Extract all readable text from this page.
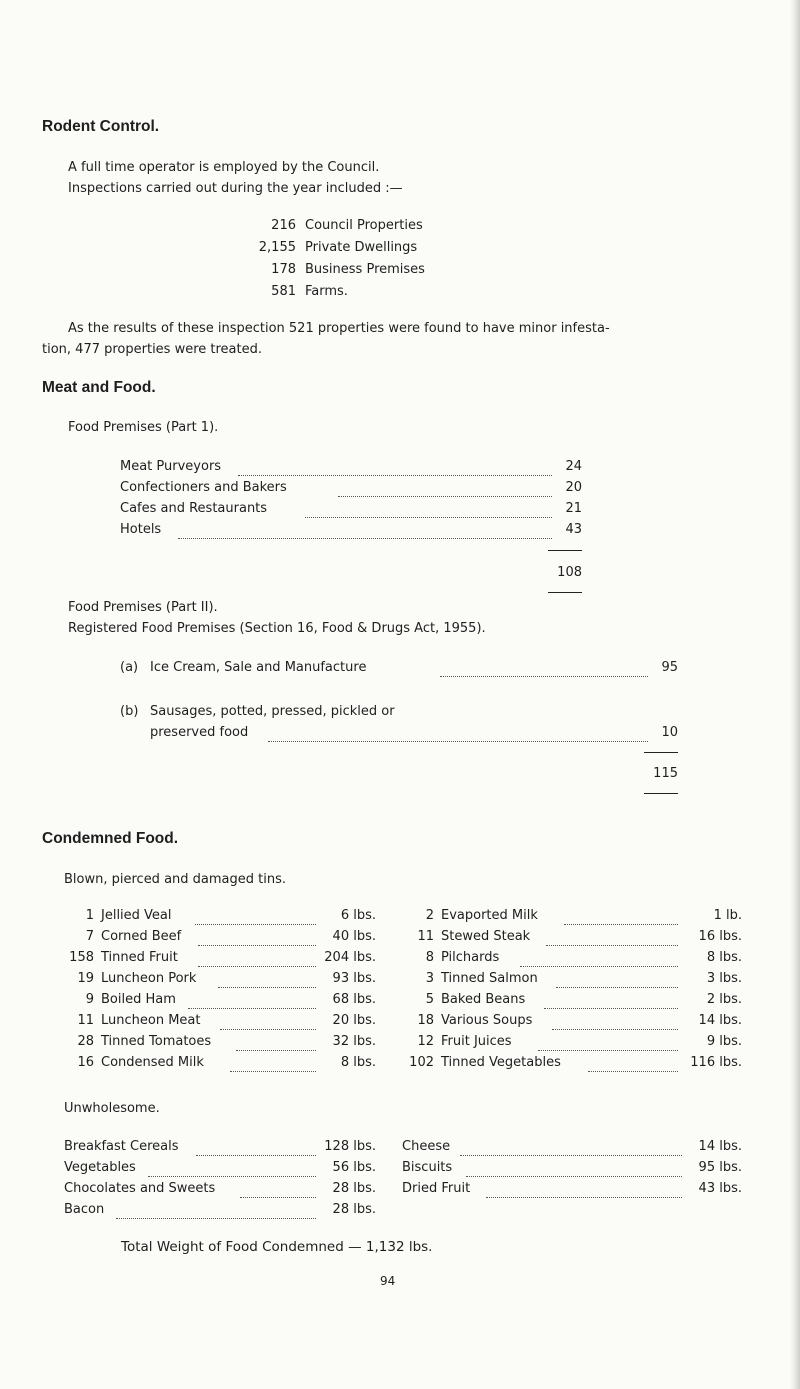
Rodent Control.
A full time operator is employed by the Council.
Inspections carried out during the year included :—
216 Council Properties
2,155 Private Dwellings
178 Business Premises
581 Farms.
As the results of these inspection 521 properties were found to have minor infesta-
tion, 477 properties were treated.
Meat and Food.
Food Premises (Part 1).
Meat Purveyors	24
Confectioners and Bakers	20
Cafes and Restaurants	21
Hotels	43
108
Food Premises (Part II).
Registered Food Premises (Section 16, Food & Drugs Act, 1955).
(a) Ice Cream, Sale and Manufacture	95
(b) Sausages, potted, pressed, pickled or
preserved food	10
115
Condemned Food.
Blown, pierced and damaged tins.
1 Jellied Veal	6 lbs.
7 Corned Beef	40 lbs.
158 Tinned Fruit	204 lbs.
19 Luncheon Pork	93 lbs.
9 Boiled Ham	68 lbs.
11 Luncheon Meat	20 lbs.
28 Tinned Tomatoes	32 lbs.
16 Condensed Milk	8 lbs.
2 Evaported Milk	1 lb.
11 Stewed Steak	16 lbs.
8 Pilchards	8 lbs.
3 Tinned Salmon	3 lbs.
5 Baked Beans	2 lbs.
18 Various Soups	14 lbs.
12 Fruit Juices	9 lbs.
102 Tinned Vegetables	116 lbs.
Unwholesome.
Breakfast Cereals	128 lbs.
Vegetables	56 lbs.
Chocolates and Sweets	28 lbs.
Bacon	28 lbs.
Cheese	14 lbs.
Biscuits	95 lbs.
Dried Fruit	43 lbs.
Total Weight of Food Condemned — 1,132 lbs.
94
